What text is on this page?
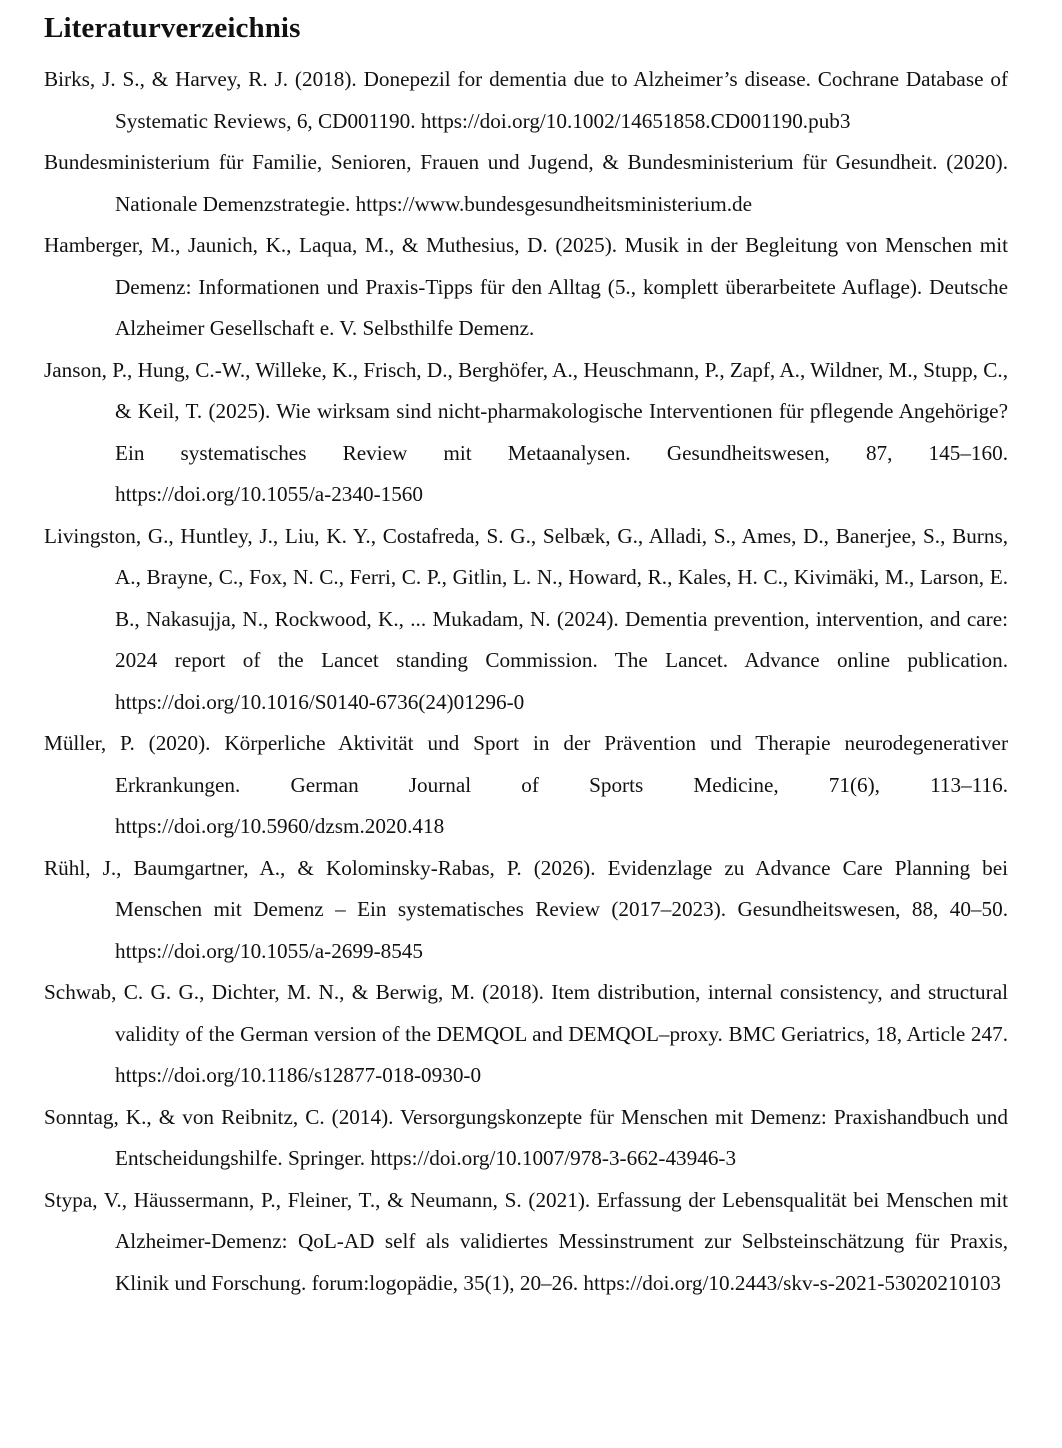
Literaturverzeichnis
Birks, J. S., & Harvey, R. J. (2018). Donepezil for dementia due to Alzheimer’s disease. Cochrane Database of Systematic Reviews, 6, CD001190. https://doi.org/10.1002/14651858.CD001190.pub3
Bundesministerium für Familie, Senioren, Frauen und Jugend, & Bundesministerium für Gesundheit. (2020). Nationale Demenzstrategie. https://www.bundesgesundheitsministerium.de
Hamberger, M., Jaunich, K., Laqua, M., & Muthesius, D. (2025). Musik in der Begleitung von Menschen mit Demenz: Informationen und Praxis-Tipps für den Alltag (5., komplett überarbeitete Auflage). Deutsche Alzheimer Gesellschaft e. V. Selbsthilfe Demenz.
Janson, P., Hung, C.-W., Willeke, K., Frisch, D., Berghöfer, A., Heuschmann, P., Zapf, A., Wildner, M., Stupp, C., & Keil, T. (2025). Wie wirksam sind nicht-pharmakologische Interventionen für pflegende Angehörige? Ein systematisches Review mit Metaanalysen. Gesundheitswesen, 87, 145–160. https://doi.org/10.1055/a-2340-1560
Livingston, G., Huntley, J., Liu, K. Y., Costafreda, S. G., Selbæk, G., Alladi, S., Ames, D., Banerjee, S., Burns, A., Brayne, C., Fox, N. C., Ferri, C. P., Gitlin, L. N., Howard, R., Kales, H. C., Kivimäki, M., Larson, E. B., Nakasujja, N., Rockwood, K., ... Mukadam, N. (2024). Dementia prevention, intervention, and care: 2024 report of the Lancet standing Commission. The Lancet. Advance online publication. https://doi.org/10.1016/S0140-6736(24)01296-0
Müller, P. (2020). Körperliche Aktivität und Sport in der Prävention und Therapie neurodegenerativer Erkrankungen. German Journal of Sports Medicine, 71(6), 113–116. https://doi.org/10.5960/dzsm.2020.418
Rühl, J., Baumgartner, A., & Kolominsky-Rabas, P. (2026). Evidenzlage zu Advance Care Planning bei Menschen mit Demenz – Ein systematisches Review (2017–2023). Gesundheitswesen, 88, 40–50. https://doi.org/10.1055/a-2699-8545
Schwab, C. G. G., Dichter, M. N., & Berwig, M. (2018). Item distribution, internal consistency, and structural validity of the German version of the DEMQOL and DEMQOL–proxy. BMC Geriatrics, 18, Article 247. https://doi.org/10.1186/s12877-018-0930-0
Sonntag, K., & von Reibnitz, C. (2014). Versorgungskonzepte für Menschen mit Demenz: Praxishandbuch und Entscheidungshilfe. Springer. https://doi.org/10.1007/978-3-662-43946-3
Stypa, V., Häussermann, P., Fleiner, T., & Neumann, S. (2021). Erfassung der Lebensqualität bei Menschen mit Alzheimer-Demenz: QoL-AD self als validiertes Messinstrument zur Selbsteinschätzung für Praxis, Klinik und Forschung. forum:logopädie, 35(1), 20–26. https://doi.org/10.2443/skv-s-2021-53020210103
